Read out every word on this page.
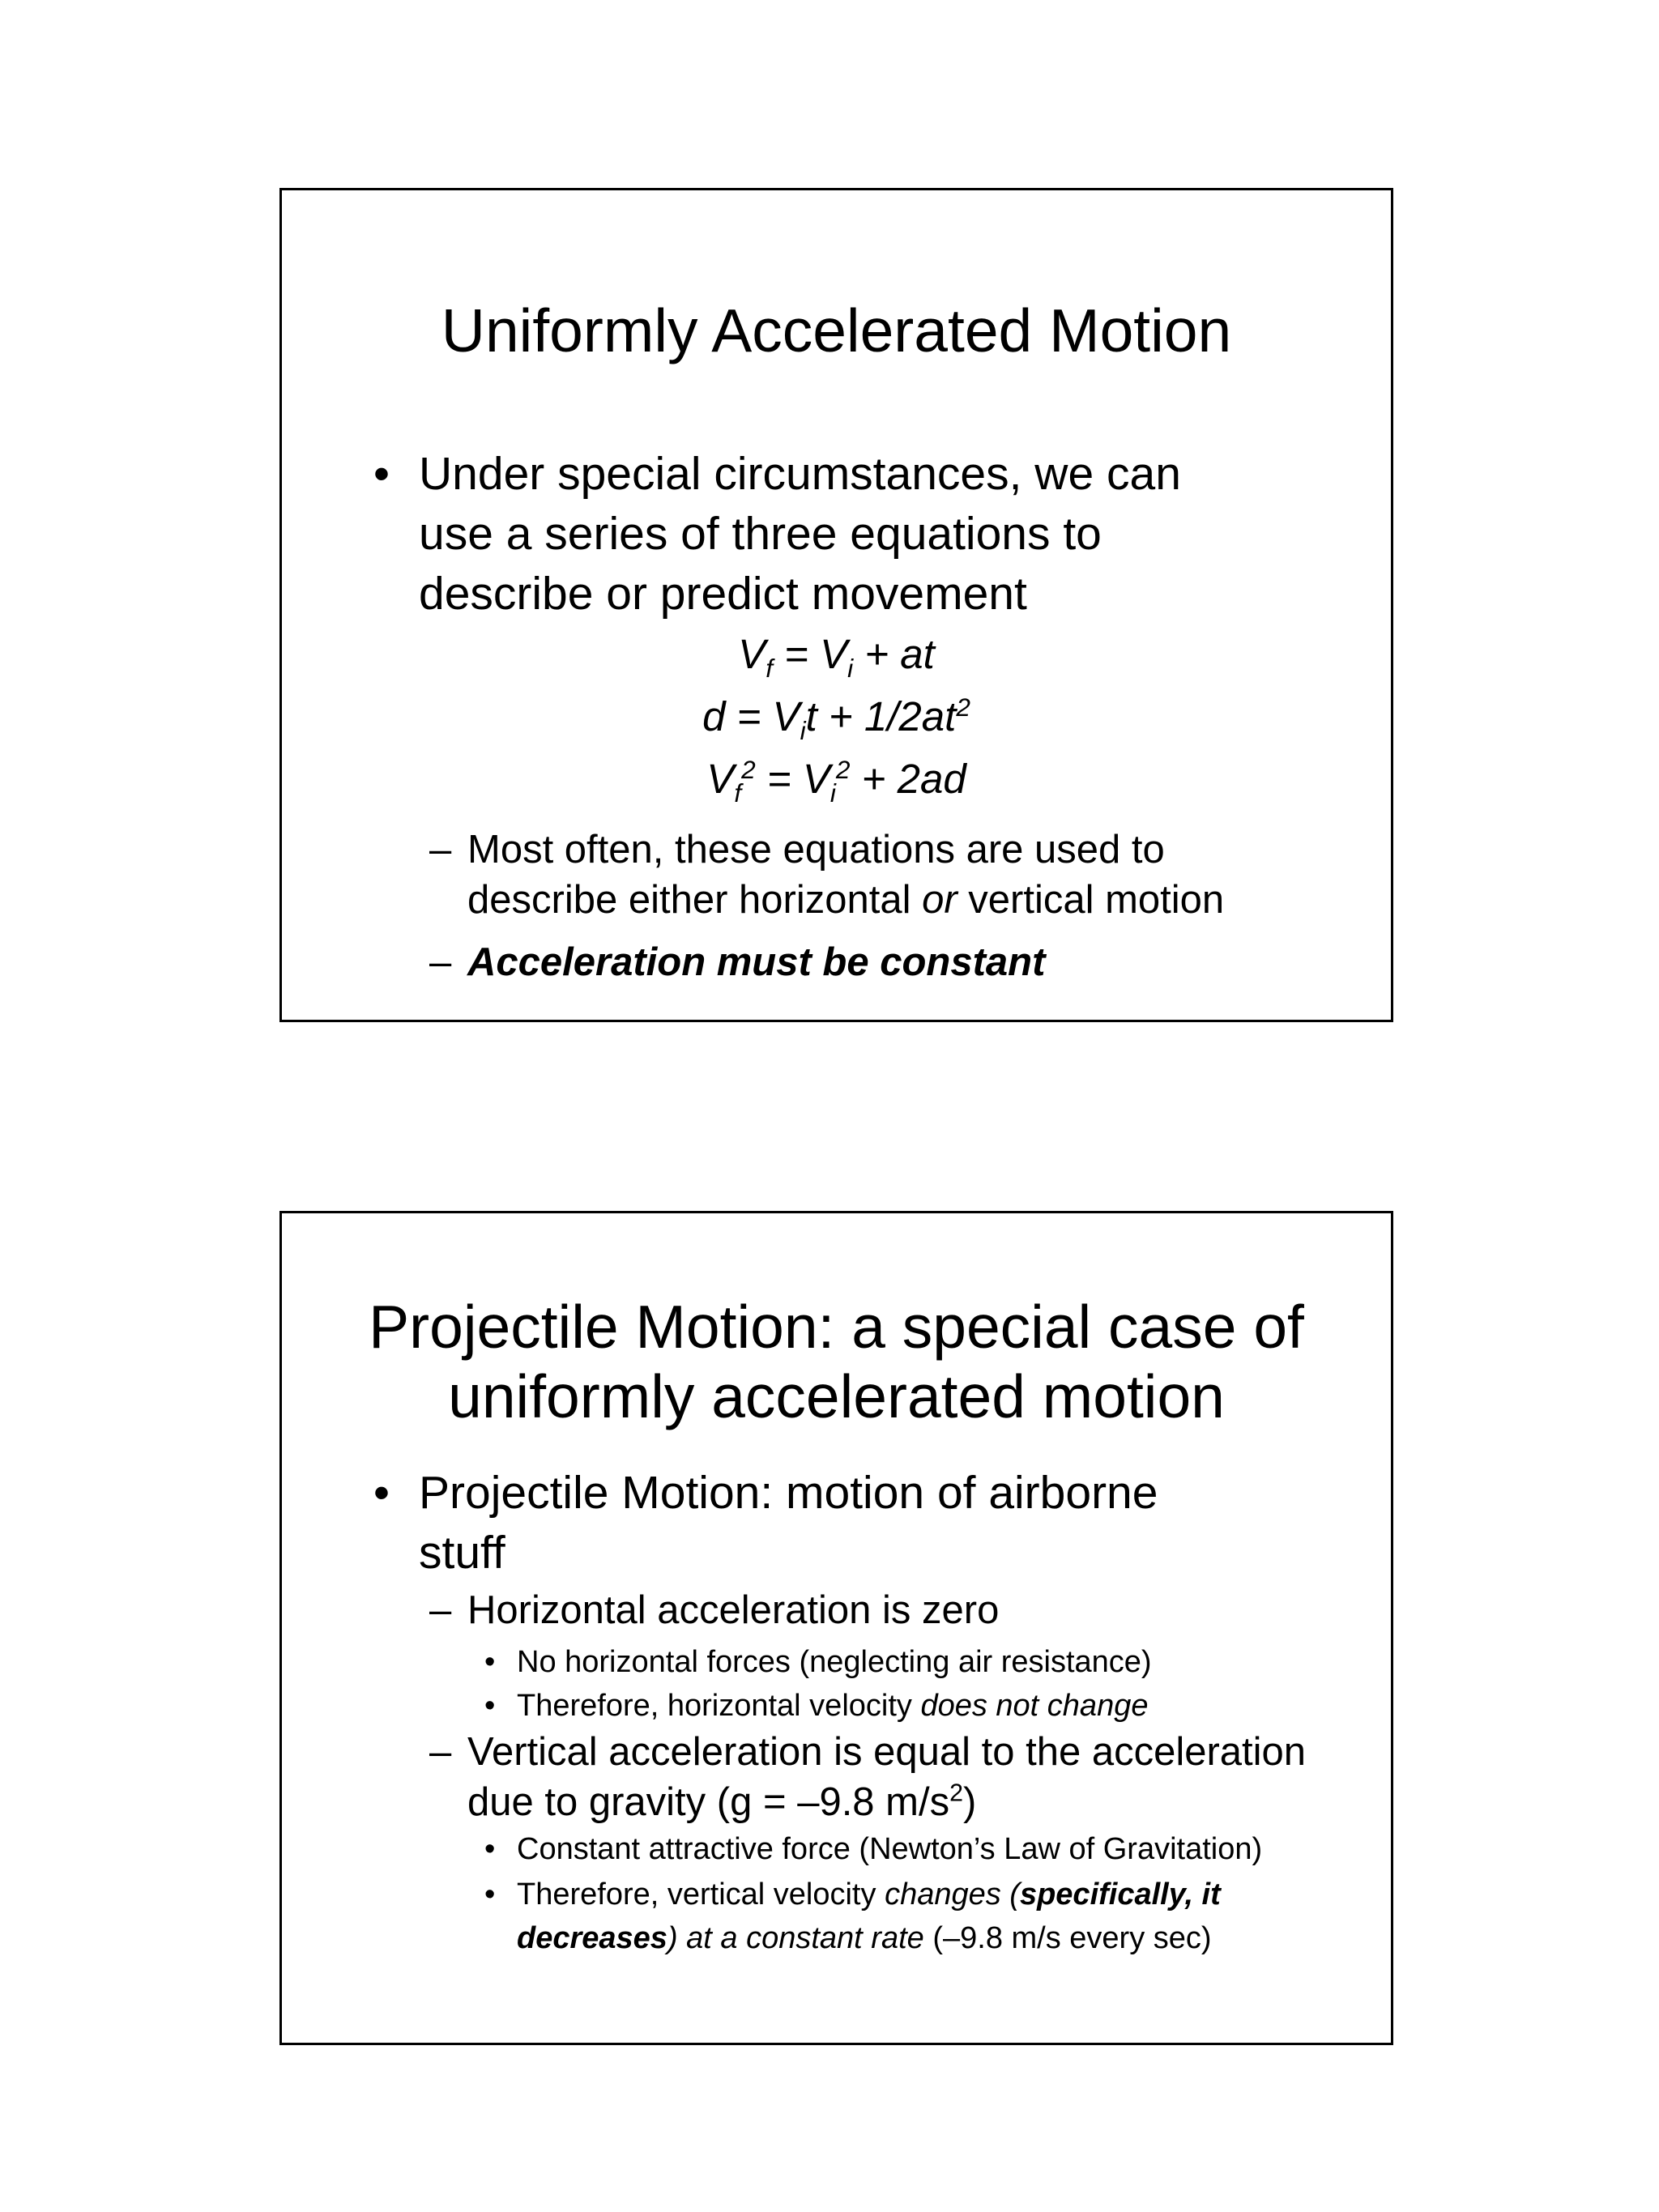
Uniformly Accelerated Motion
• Under special circumstances, we can
use a series of three equations to
describe or predict movement
$V_f = V_i$ + at
$d = V_it + 1/2at^2$
$V_f^2 = V_i^2 + 2ad$
– Most often, these equations are used to
describe either horizontal or vertical motion
– Acceleration must be constant
Projectile Motion: a special case of
uniformly accelerated motion
• Projectile Motion: motion of airborne
stuff
– Horizontal acceleration is zero
• No horizontal forces (neglecting air resistance)
• Therefore, horizontal velocity does not change
– Vertical acceleration is equal to the acceleration
due to gravity (g = –9.8 $m/s^2$)
• Constant attractive force (Newton’s Law of Gravitation)
• Therefore, vertical velocity changes (specifically, it
decreases) at a constant rate (–9.8 m/s every sec)
